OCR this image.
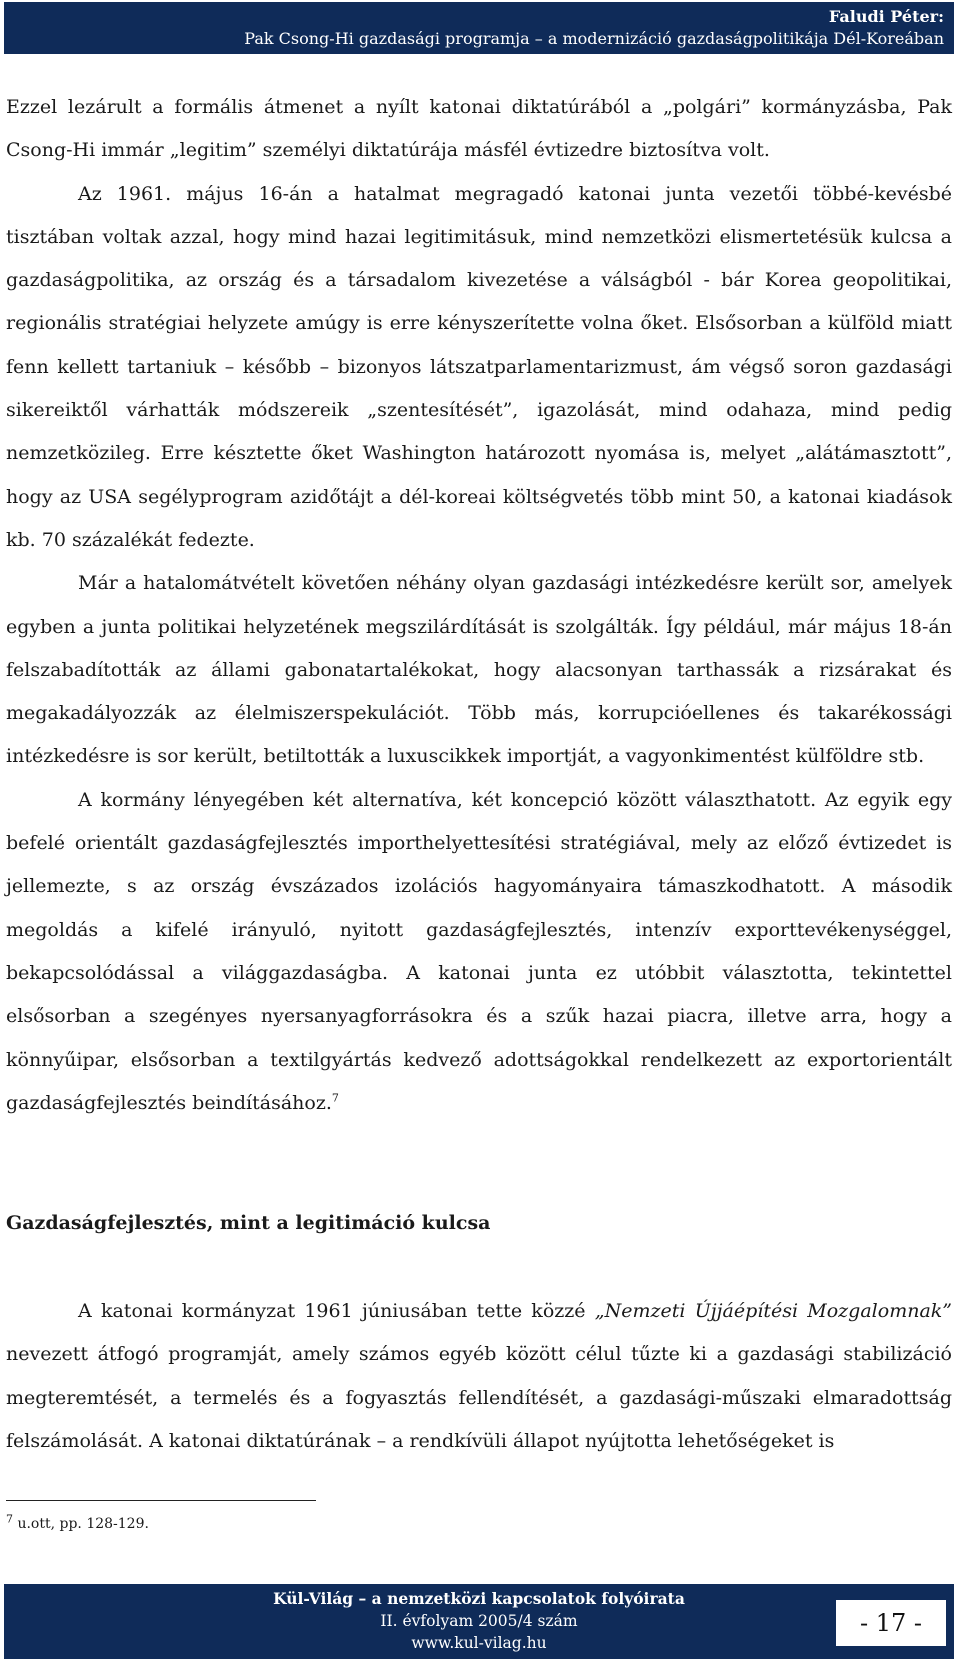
Faludi Péter:
Pak Csong-Hi gazdasági programja – a modernizáció gazdaságpolitikája Dél-Koreában

Ezzel lezárult a formális átmenet a nyílt katonai diktatúrából a „polgári” kormányzásba, Pak Csong-Hi immár „legitim” személyi diktatúrája másfél évtizedre biztosítva volt.

Az 1961. május 16-án a hatalmat megragadó katonai junta vezetői többé-kevésbé tisztában voltak azzal, hogy mind hazai legitimitásuk, mind nemzetközi elismertetésük kulcsa a gazdaságpolitika, az ország és a társadalom kivezetése a válságból - bár Korea geopolitikai, regionális stratégiai helyzete amúgy is erre kényszerítette volna őket. Elsősorban a külföld miatt fenn kellett tartaniuk – később – bizonyos látszatparlamentarizmust, ám végső soron gazdasági sikereiktől várhatták módszereik „szentesítését”, igazolását, mind odahaza, mind pedig nemzetközileg. Erre késztette őket Washington határozott nyomása is, melyet „alátámasztott”, hogy az USA segélyprogram azidőtájt a dél-koreai költségvetés több mint 50, a katonai kiadások kb. 70 százalékát fedezte.

Már a hatalomátvételt követően néhány olyan gazdasági intézkedésre került sor, amelyek egyben a junta politikai helyzetének megszilárdítását is szolgálták. Így például, már május 18-án felszabadították az állami gabonatartalékokat, hogy alacsonyan tarthassák a rizsárakat és megakadályozzák az élelmiszerspekulációt. Több más, korrupcióellenes és takarékossági intézkedésre is sor került, betiltották a luxuscikkek importját, a vagyonkimentést külföldre stb.

A kormány lényegében két alternatíva, két koncepció között választhatott. Az egyik egy befelé orientált gazdaságfejlesztés importhelyettesítési stratégiával, mely az előző évtizedet is jellemezte, s az ország évszázados izolációs hagyományaira támaszkodhatott. A második megoldás a kifelé irányuló, nyitott gazdaságfejlesztés, intenzív exporttevékenységgel, bekapcsolódással a világgazdaságba. A katonai junta ez utóbbit választotta, tekintettel elsősorban a szegényes nyersanyagforrásokra és a szűk hazai piacra, illetve arra, hogy a könnyűipar, elsősorban a textilgyártás kedvező adottságokkal rendelkezett az exportorientált gazdaságfejlesztés beindításához.$^7$

Gazdaságfejlesztés, mint a legitimáció kulcsa

A katonai kormányzat 1961 júniusában tette közzé „Nemzeti Újjáépítési Mozgalomnak” nevezett átfogó programját, amely számos egyéb között célul tűzte ki a gazdasági stabilizáció megteremtését, a termelés és a fogyasztás fellendítését, a gazdasági-műszaki elmaradottság felszámolását. A katonai diktatúrának – a rendkívüli állapot nyújtotta lehetőségeket is

$^7$ u.ott, pp. 128-129.
Kül-Világ – a nemzetközi kapcsolatok folyóirata
II. évfolyam 2005/4 szám
www.kul-vilag.hu
- 17 -
